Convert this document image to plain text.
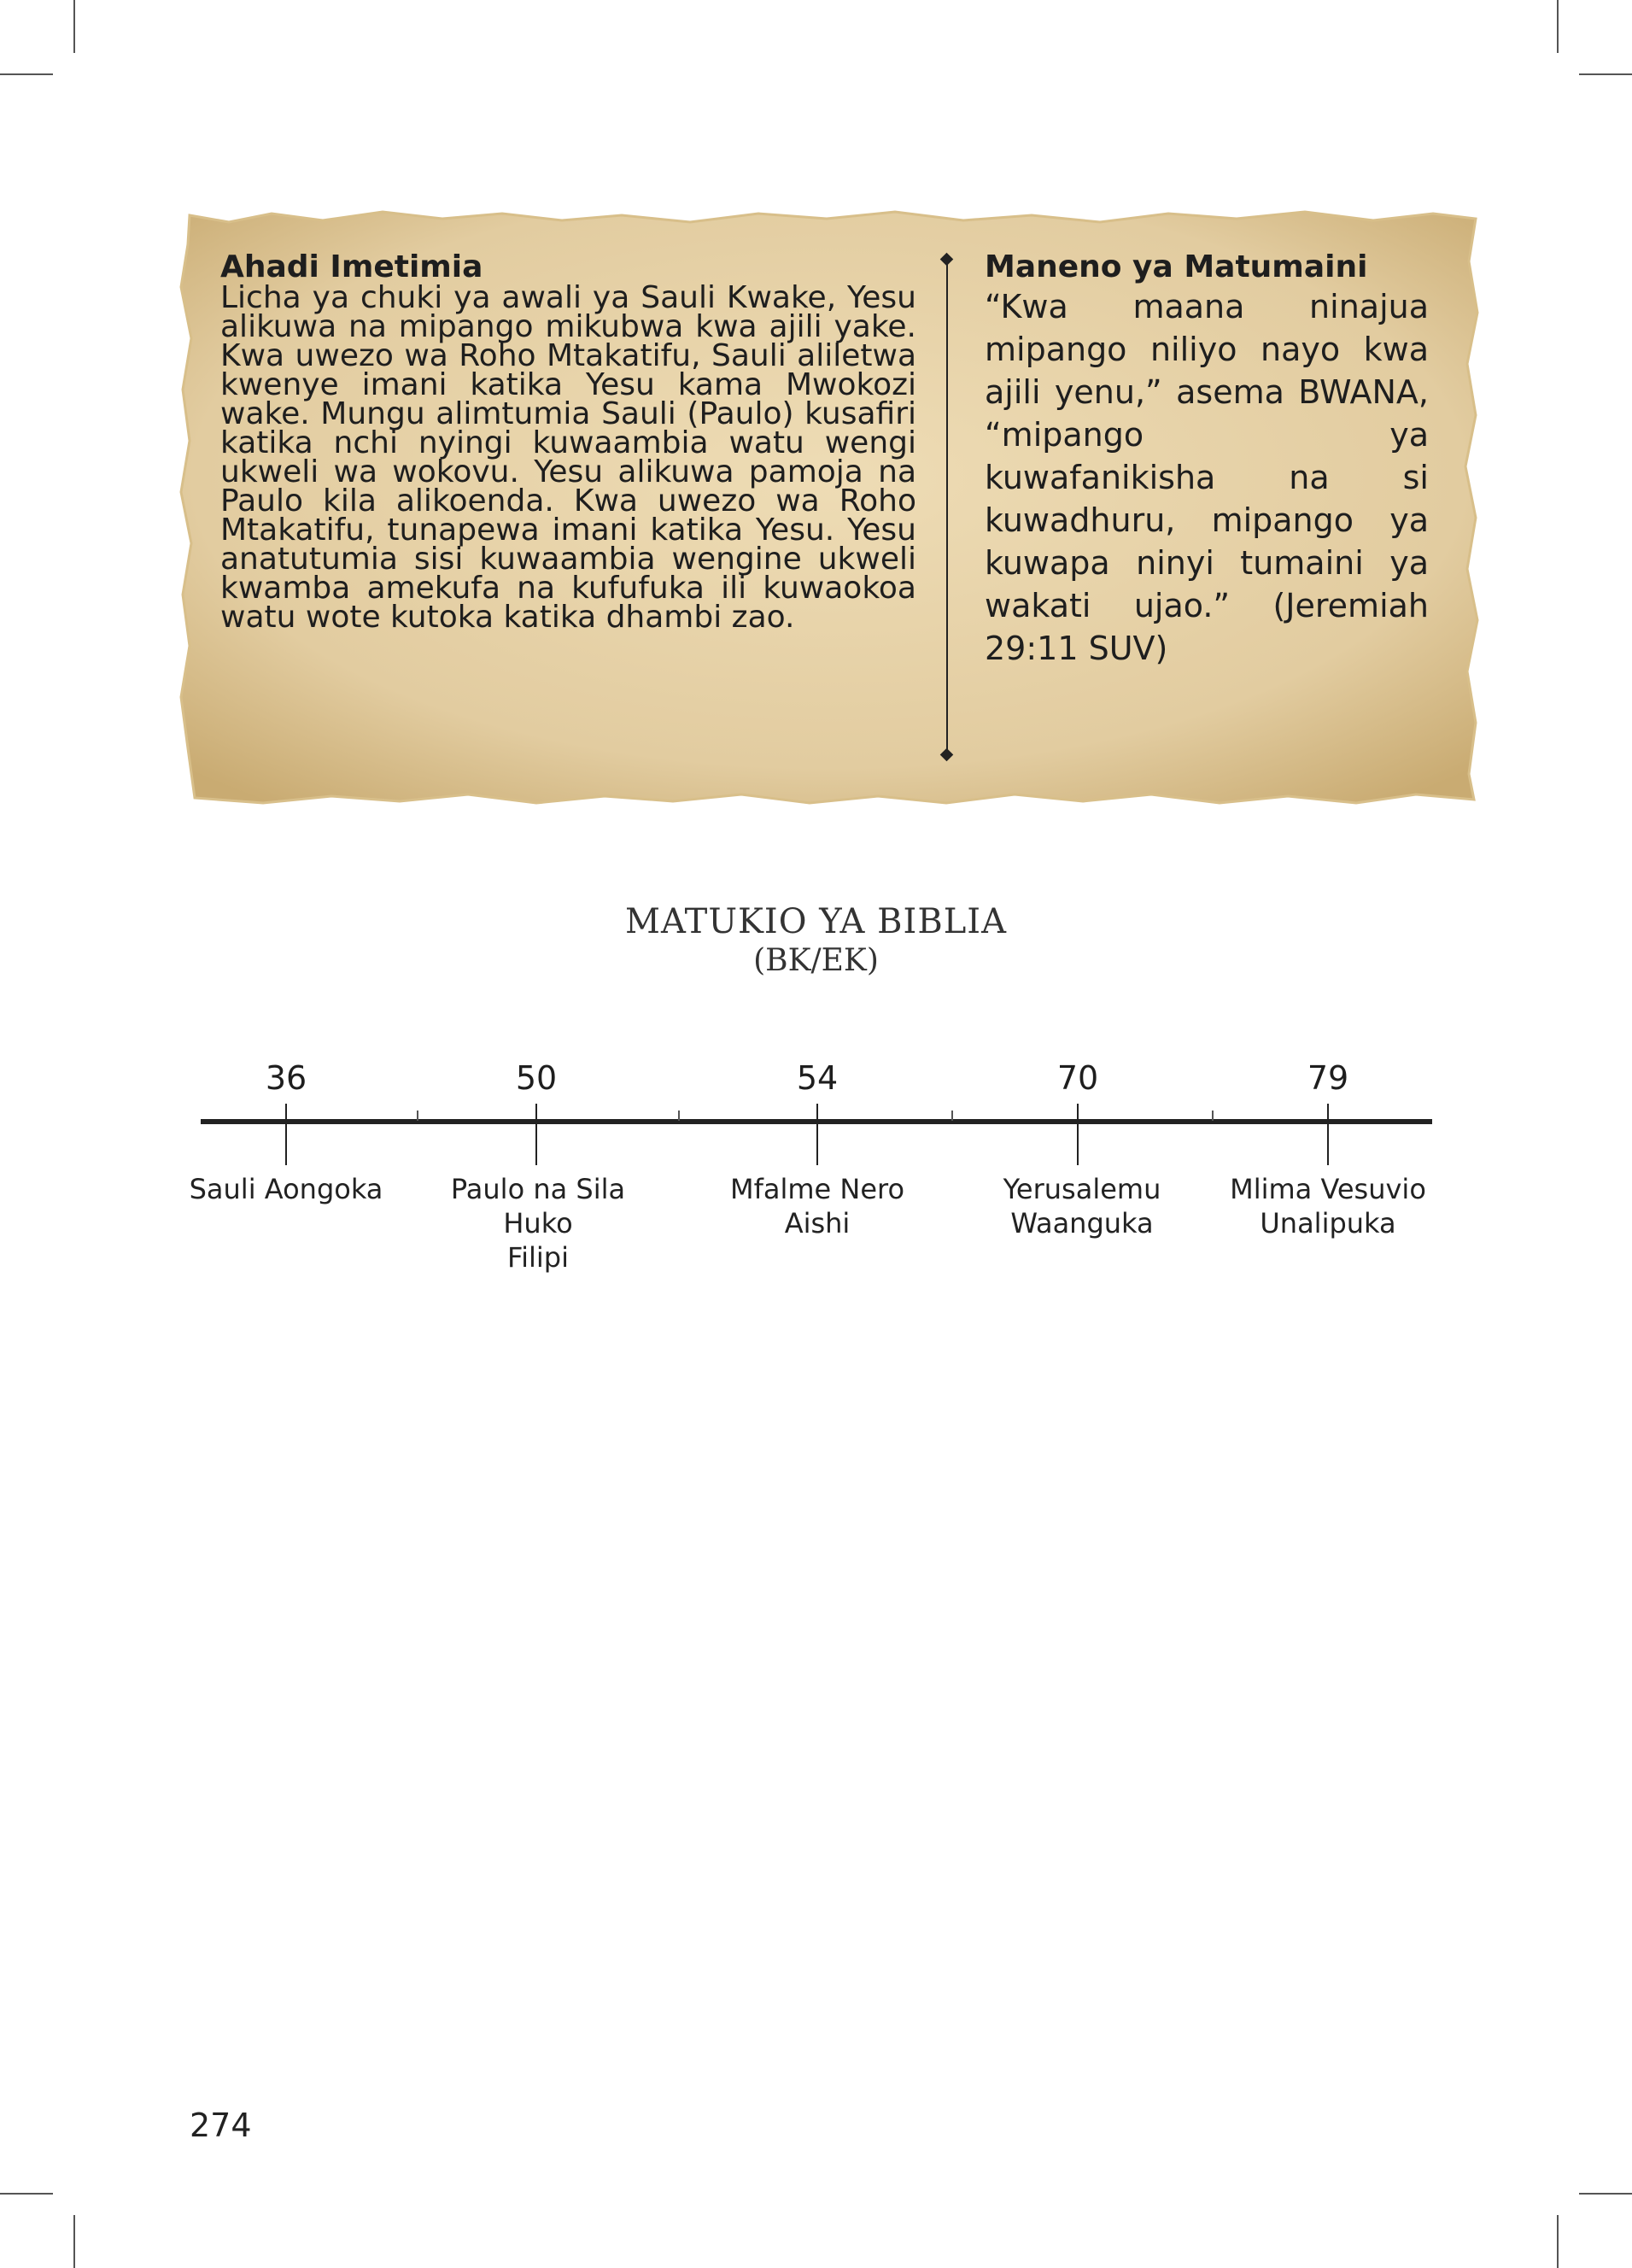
Ahadi Imetimia
Licha ya chuki ya awali ya Sauli Kwake, Yesu alikuwa na mipango mikubwa kwa ajili yake. Kwa uwezo wa Roho Mtakatifu, Sauli aliletwa kwenye imani katika Yesu kama Mwokozi wake. Mungu alimtumia Sauli (Paulo) kusafiri katika nchi nyingi kuwaambia watu wengi ukweli wa wokovu. Yesu alikuwa pamoja na Paulo kila alikoenda. Kwa uwezo wa Roho Mtakatifu, tunapewa imani katika Yesu. Yesu anatutumia sisi kuwaambia wengine ukweli kwamba amekufa na kufufuka ili kuwaokoa watu wote kutoka katika dhambi zao.
Maneno ya Matumaini
“Kwa maana ninajua mipango niliyo nayo kwa ajili yenu,” asema BWANA, “mipango ya kuwafanikisha na si kuwadhuru, mipango ya kuwapa ninyi tumaini ya wakati ujao.” (Jeremiah 29:11 SUV)
MATUKIO YA BIBLIA
(BK/EK)
36
Sauli Aongoka
50
Paulo na Sila Huko
Filipi
54
Mfalme Nero Aishi
70
Yerusalemu
Waanguka
79
Mlima Vesuvio
Unalipuka
274
